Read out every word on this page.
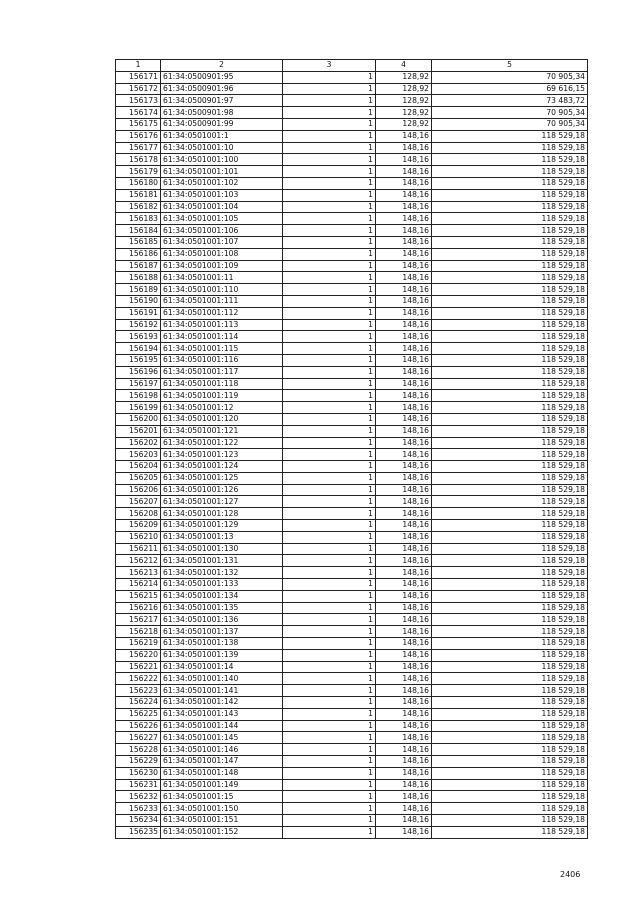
1	2	3	4	5
156171	61:34:0500901:95	1	128,92	70 905,34
156172	61:34:0500901:96	1	128,92	69 616,15
156173	61:34:0500901:97	1	128,92	73 483,72
156174	61:34:0500901:98	1	128,92	70 905,34
156175	61:34:0500901:99	1	128,92	70 905,34
156176	61:34:0501001:1	1	148,16	118 529,18
156177	61:34:0501001:10	1	148,16	118 529,18
156178	61:34:0501001:100	1	148,16	118 529,18
156179	61:34:0501001:101	1	148,16	118 529,18
156180	61:34:0501001:102	1	148,16	118 529,18
156181	61:34:0501001:103	1	148,16	118 529,18
156182	61:34:0501001:104	1	148,16	118 529,18
156183	61:34:0501001:105	1	148,16	118 529,18
156184	61:34:0501001:106	1	148,16	118 529,18
156185	61:34:0501001:107	1	148,16	118 529,18
156186	61:34:0501001:108	1	148,16	118 529,18
156187	61:34:0501001:109	1	148,16	118 529,18
156188	61:34:0501001:11	1	148,16	118 529,18
156189	61:34:0501001:110	1	148,16	118 529,18
156190	61:34:0501001:111	1	148,16	118 529,18
156191	61:34:0501001:112	1	148,16	118 529,18
156192	61:34:0501001:113	1	148,16	118 529,18
156193	61:34:0501001:114	1	148,16	118 529,18
156194	61:34:0501001:115	1	148,16	118 529,18
156195	61:34:0501001:116	1	148,16	118 529,18
156196	61:34:0501001:117	1	148,16	118 529,18
156197	61:34:0501001:118	1	148,16	118 529,18
156198	61:34:0501001:119	1	148,16	118 529,18
156199	61:34:0501001:12	1	148,16	118 529,18
156200	61:34:0501001:120	1	148,16	118 529,18
156201	61:34:0501001:121	1	148,16	118 529,18
156202	61:34:0501001:122	1	148,16	118 529,18
156203	61:34:0501001:123	1	148,16	118 529,18
156204	61:34:0501001:124	1	148,16	118 529,18
156205	61:34:0501001:125	1	148,16	118 529,18
156206	61:34:0501001:126	1	148,16	118 529,18
156207	61:34:0501001:127	1	148,16	118 529,18
156208	61:34:0501001:128	1	148,16	118 529,18
156209	61:34:0501001:129	1	148,16	118 529,18
156210	61:34:0501001:13	1	148,16	118 529,18
156211	61:34:0501001:130	1	148,16	118 529,18
156212	61:34:0501001:131	1	148,16	118 529,18
156213	61:34:0501001:132	1	148,16	118 529,18
156214	61:34:0501001:133	1	148,16	118 529,18
156215	61:34:0501001:134	1	148,16	118 529,18
156216	61:34:0501001:135	1	148,16	118 529,18
156217	61:34:0501001:136	1	148,16	118 529,18
156218	61:34:0501001:137	1	148,16	118 529,18
156219	61:34:0501001:138	1	148,16	118 529,18
156220	61:34:0501001:139	1	148,16	118 529,18
156221	61:34:0501001:14	1	148,16	118 529,18
156222	61:34:0501001:140	1	148,16	118 529,18
156223	61:34:0501001:141	1	148,16	118 529,18
156224	61:34:0501001:142	1	148,16	118 529,18
156225	61:34:0501001:143	1	148,16	118 529,18
156226	61:34:0501001:144	1	148,16	118 529,18
156227	61:34:0501001:145	1	148,16	118 529,18
156228	61:34:0501001:146	1	148,16	118 529,18
156229	61:34:0501001:147	1	148,16	118 529,18
156230	61:34:0501001:148	1	148,16	118 529,18
156231	61:34:0501001:149	1	148,16	118 529,18
156232	61:34:0501001:15	1	148,16	118 529,18
156233	61:34:0501001:150	1	148,16	118 529,18
156234	61:34:0501001:151	1	148,16	118 529,18
156235	61:34:0501001:152	1	148,16	118 529,18
2406
